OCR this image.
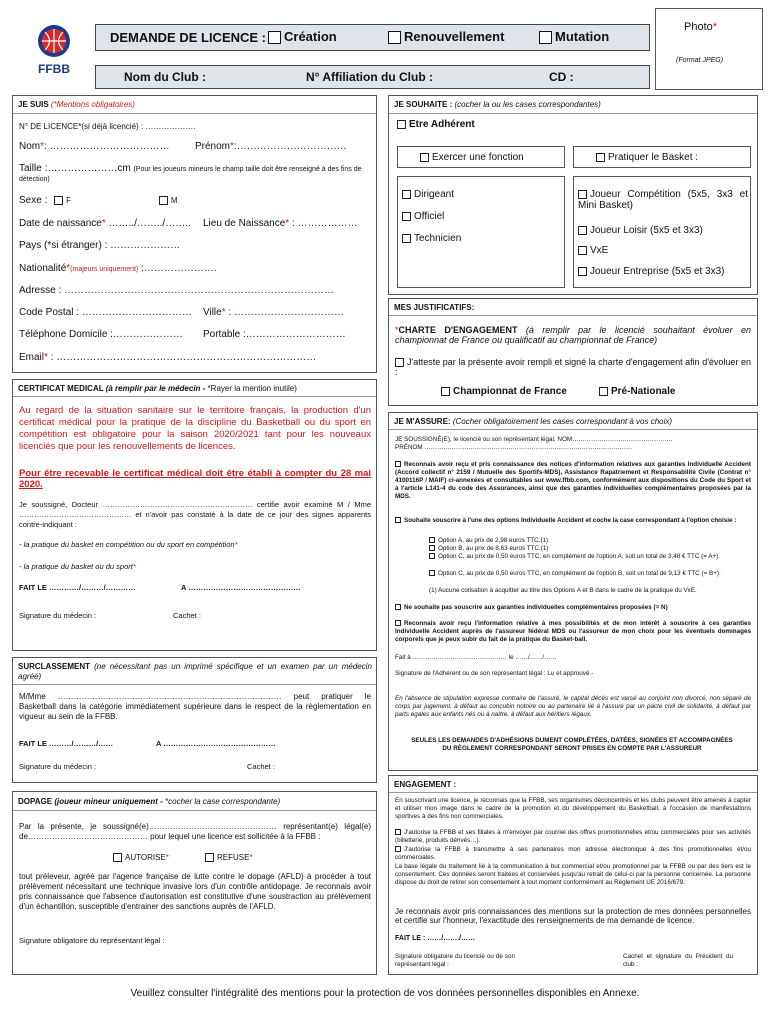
FFBB
DEMANDE DE LICENCE :	Création	Renouvellement	Mutation
Photo*
(Format JPEG)
Nom du Club :	N° Affiliation du Club :	CD :
JE SUIS (*Mentions obligatoires)
N° DE LICENCE*(si déjà licencié) : ……………….
Nom*: ………………………………	Prénom*:……………………………
Taille :…………………cm (Pour les joueurs mineurs le champ taille doit être renseigné à des fins de détection)
Sexe : F	M
Date de naissance* ……../……../…….. Lieu de Naissance* : ………………
Pays (*si étranger) : …………………
Nationalité*(majeurs uniquement) :………………….
Adresse : ………………………………………………………………………
Code Postal : …………………………… Ville* : ……………………………
Téléphone Domicile :………………… Portable :…………………………
Email* : ……………………………………………………………………
JE SOUHAITE : (cocher la ou les cases correspondantes)
Etre Adhérent
Exercer une fonction	Pratiquer le Basket :
Dirigeant
Officiel
Technicien
Joueur Compétition (5x5, 3x3 et Mini Basket)
Joueur Loisir (5x5 et 3x3)
VxE
Joueur Entreprise (5x5 et 3x3)
MES JUSTIFICATIFS:
*CHARTE D'ENGAGEMENT (à remplir par le licencié souhaitant évoluer en championnat de France ou qualificatif au championnat de France)
J'atteste par la présente avoir rempli et signé la charte d'engagement afin d'évoluer en :
Championnat de France	Pré-Nationale
CERTIFICAT MEDICAL (à remplir par le médecin - *Rayer la mention inutile)
Au regard de la situation sanitaire sur le territoire français, la production d'un certificat médical pour la pratique de la discipline du Basketball ou du sport en compétition est obligatoire pour la saison 2020/2021 tant pour les nouveaux licenciés que pour les renouvellements de licences.
Pour être recevable le certificat médical doit être établi à compter du 28 mai 2020.
Je soussigné, Docteur …………………………………………………… certifie avoir examiné M / Mme ……………………………………… et n'avoir pas constaté à la date de ce jour des signes apparents contre-indiquant :
- la pratique du basket en compétition ou du sport en compétition*
- la pratique du basket ou du sport*
FAIT LE …………/………/…………	A ………………………………………
Signature du médecin :	Cachet :
JE M'ASSURE: (Cocher obligatoirement les cases correspondant à vos choix)
JE SOUSSIGNÉ(E), le licencié ou son représentant légal, NOM…………………………………………
PRÉNOM ………………………………………………………………………………………
Reconnais avoir reçu et pris connaissance des notices d'information relatives aux garanties Individuelle Accident (Accord collectif n° 2159 / Mutuelle des Sportifs-MDS), Assistance Rapatriement et Responsabilité Civile (Contrat n° 4100116P / MAIF) ci-annexées et consultables sur www.ffbb.com, conformément aux dispositions du Code du Sport et à l'article L141-4 du code des Assurances, ainsi que des garanties individuelles complémentaires proposées par la MDS.
Souhaite souscrire à l'une des options Individuelle Accident et coche la case correspondant à l'option choisie :
Option A, au prix de 2,98 euros TTC.(1)
Option B, au prix de 8,63 euros TTC.(1)
Option C, au prix de 0,50 euros TTC, en complément de l'option A, soit un total de 3,48 € TTC (= A+).
Option C, au prix de 0,50 euros TTC, en complément de l'option B, soit un total de 9,13 € TTC (= B+).
(1) Aucune cotisation à acquitter au titre des Options A et B dans le cadre de la pratique du VxE.
Ne souhaite pas souscrire aux garanties individuelles complémentaires proposées (= N)
Reconnais avoir reçu l'information relative à mes possibilités et de mon intérêt à souscrire à ces garanties Individuelle Accident auprès de l'assureur fédéral MDS ou l'assureur de mon choix pour les éventuels dommages corporels que je peux subir du fait de la pratique du Basket-ball.
Fait à ……………………………………… le ……/……/……
Signature de l'Adhérent ou de son représentant légal : Lu et approuvé -
En l'absence de stipulation expresse contraire de l'assuré, le capital décès est versé au conjoint non divorcé, non séparé de corps par jugement, à défaut au concubin notoire ou au partenaire lié à l'assuré par un pacte civil de solidarité, à défaut par parts égales aux enfants nés ou à naître, à défaut aux héritiers légaux.
SEULES LES DEMANDES D'ADHÉSIONS DUMENT COMPLÉTÉES, DATÉES, SIGNÉES ET ACCOMPAGNÉES DU RÈGLEMENT CORRESPONDANT SERONT PRISES EN COMPTE PAR L'ASSUREUR
SURCLASSEMENT (ne nécessitant pas un imprimé spécifique et un examen par un médecin agréé)
M/Mme ………………………………………………………………………… peut pratiquer le Basketball dans la catégorie immédiatement supérieure dans le respect de la règlementation en vigueur au sein de la FFBB.
FAIT LE ………/………/……	A ………………………………………
Signature du médecin :	Cachet :
ENGAGEMENT :
En souscrivant une licence, je reconnais que la FFBB, ses organismes déconcentrés et les clubs peuvent être amenés à capter et utiliser mon image dans le cadre de la promotion et du développement du Basketball, à l'occasion de manifestations sportives à des fins non commerciales.
J'autorise la FFBB et ses filiales à m'envoyer par courriel des offres promotionnelles et/ou commerciales pour ses activités (billetterie, produits dérivés…).
J'autorise la FFBB à transmettre à ses partenaires mon adresse électronique à des fins promotionnelles et/ou commerciales.
La base légale du traitement lié à la communication à but commercial et/ou promotionnel par la FFBB ou par des tiers est le consentement. Ces données seront traitées et conservées jusqu'au retrait de celui-ci par la personne concernée. La personne dispose du droit de retirer son consentement à tout moment conformément au Règlement UE 2016/679.
Je reconnais avoir pris connaissances des mentions sur la protection de mes données personnelles et certifie sur l'honneur, l'exactitude des renseignements de ma demande de licence.
FAIT LE : ……/……./……
Signature obligatoire du licencié ou de son représentant légal :
Cachet et signature du Président du club :
DOPAGE (joueur mineur uniquement - *cocher la case correspondante)
Par la présente, je soussigné(e)………………………………………… représentant(e) légal(e) de……………………………………… pour lequel une licence est sollicitée à la FFBB :
AUTORISE*	REFUSE*
tout préleveur, agréé par l'agence française de lutte contre le dopage (AFLD) à procéder à tout prélèvement nécessitant une technique invasive lors d'un contrôle antidopage. Je reconnais avoir pris connaissance que l'absence d'autorisation est constitutive d'une soustraction au prélèvement d'un échantillon, susceptible d'entrainer des sanctions auprès de l'AFLD.
Signature obligatoire du représentant légal :
Veuillez consulter l'intégralité des mentions pour la protection de vos données personnelles disponibles en Annexe.
